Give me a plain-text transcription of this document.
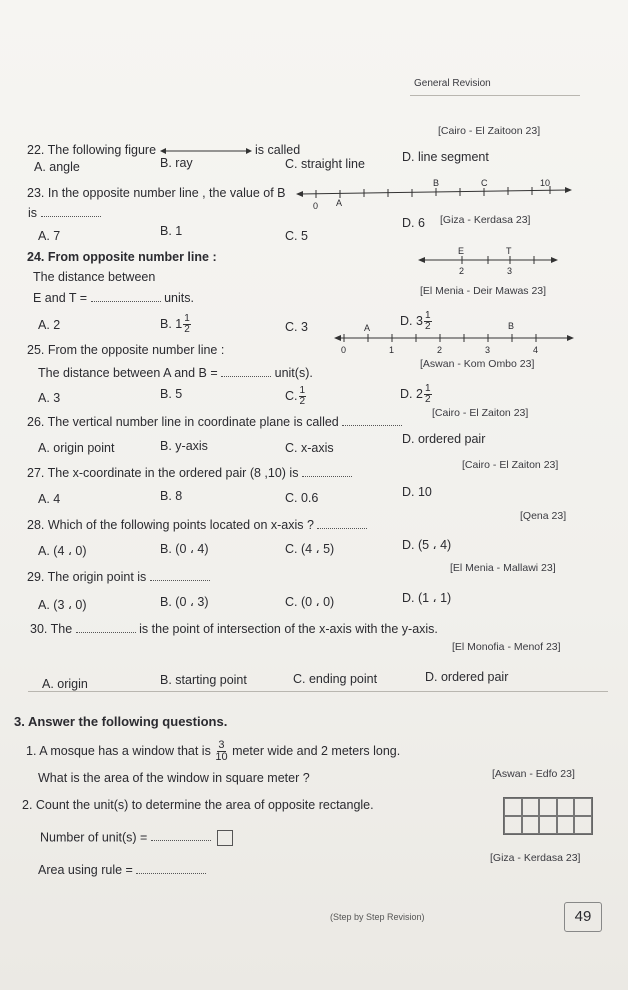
General Revision
[Cairo - El Zaitoon 23]
22. The following figure	is called
A. angle	B. ray	C. straight line	D. line segment
23. In the opposite number line , the value of B
is	0 A
B	C	10
[Giza - Kerdasa 23]
A. 7	B. 1	C. 5
D. 6
24. From opposite number line :
The distance between
E and T =	units.
E	T
2	3
[El Menia - Deir Mawas 23]
A. 2	B. $1 \frac{1}{2}$	C. 3	D. $3 \frac{1}{2}$
25. From the opposite number line :
A	B
0	1	2	3	4
The distance between A and B =	unit(s).
[Aswan - Kom Ombo 23]
A. 3	B. 5	C. $\frac{1}{2}$	D. $2 \frac{1}{2}$
26. The vertical number line in coordinate plane is called
[Cairo - El Zaiton 23]
A. origin point	B. y-axis	C. x-axis
D. ordered pair
27. The x-coordinate in the ordered pair (8 ,10) is
[Cairo - El Zaiton 23]
A. 4	B. 8	C. 0.6	D. 10
28. Which of the following points located on x-axis ?
[Qena 23]
A. (4 ، 0)	B. (0 ، 4)	C. (4 ، 5)	D. (5 ، 4)
29. The origin point is
[El Menia - Mallawi 23]
A. (3 ، 0)	B. (0 ، 3)	C. (0 ، 0)	D. (1 ، 1)
30. The	is the point of intersection of the x-axis with the y-axis.
[El Monofia - Menof 23]
A. origin	B. starting point	C. ending point	D. ordered pair
3. Answer the following questions.
1. A mosque has a window that is $\frac{3}{10}$ meter wide and 2 meters long.
What is the area of the window in square meter ?	[Aswan - Edfo 23]
2. Count the unit(s) to determine the area of opposite rectangle.
Number of unit(s) =
Area using rule =
[Giza - Kerdasa 23]
(Step by Step Revision)	49
